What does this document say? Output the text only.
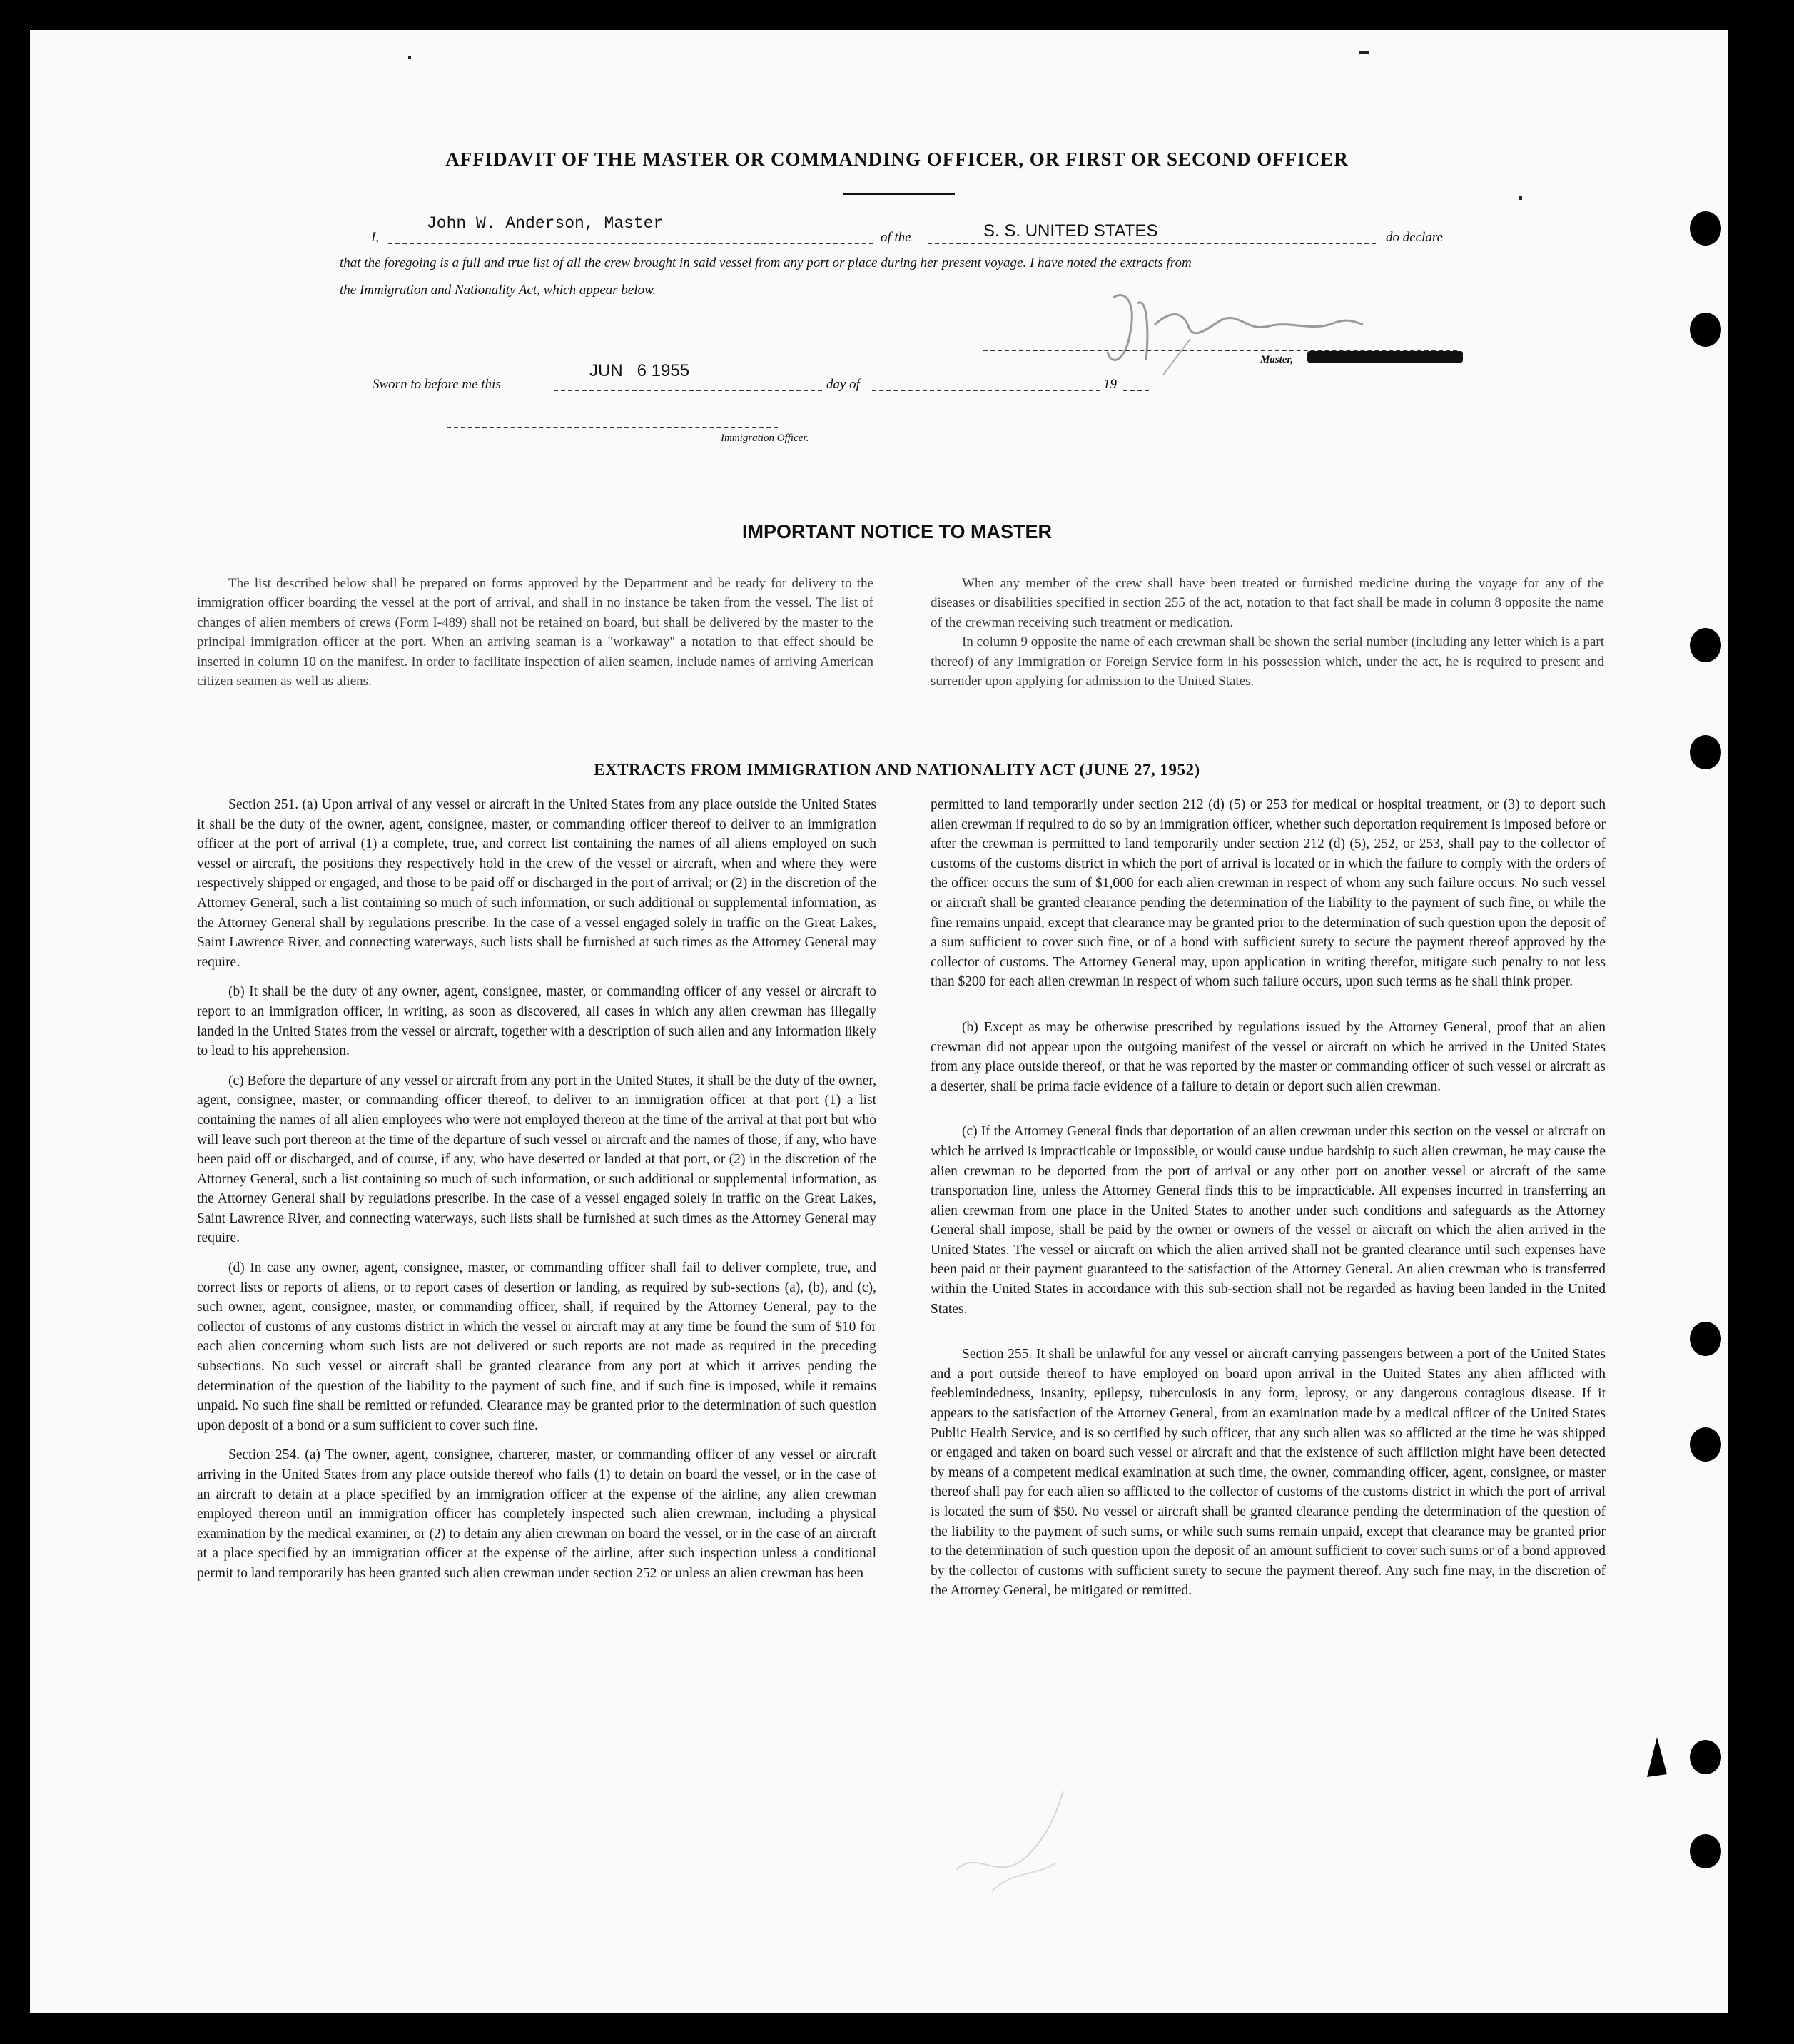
AFFIDAVIT OF THE MASTER OR COMMANDING OFFICER, OR FIRST OR SECOND OFFICER
I,
John W. Anderson, Master
of the	S. S. UNITED STATES	do declare
that the foregoing is a full and true list of all the crew brought in said vessel from any port or place during her present voyage. I have noted the extracts from
the Immigration and Nationality Act, which appear below.
Master,
Sworn to before me this
JUN   6 1955
day of	19
Immigration Officer.
IMPORTANT NOTICE TO MASTER

The list described below shall be prepared on forms approved by the Department and be ready for delivery to the immigration officer boarding the vessel at the port of arrival, and shall in no instance be taken from the vessel. The list of changes of alien members of crews (Form I-489) shall not be retained on board, but shall be delivered by the master to the principal immigration officer at the port. When an arriving seaman is a "workaway" a notation to that effect should be inserted in column 10 on the manifest. In order to facilitate inspection of alien seamen, include names of arriving American citizen seamen as well as aliens.

When any member of the crew shall have been treated or furnished medicine during the voyage for any of the diseases or disabilities specified in section 255 of the act, notation to that fact shall be made in column 8 opposite the name of the crewman receiving such treatment or medication.

In column 9 opposite the name of each crewman shall be shown the serial number (including any letter which is a part thereof) of any Immigration or Foreign Service form in his possession which, under the act, he is required to present and surrender upon applying for admission to the United States.

EXTRACTS FROM IMMIGRATION AND NATIONALITY ACT (JUNE 27, 1952)

Section 251. (a) Upon arrival of any vessel or aircraft in the United States from any place outside the United States it shall be the duty of the owner, agent, consignee, master, or commanding officer thereof to deliver to an immigration officer at the port of arrival (1) a complete, true, and correct list containing the names of all aliens employed on such vessel or aircraft, the positions they respectively hold in the crew of the vessel or aircraft, when and where they were respectively shipped or engaged, and those to be paid off or discharged in the port of arrival; or (2) in the discretion of the Attorney General, such a list containing so much of such information, or such additional or supplemental information, as the Attorney General shall by regulations prescribe. In the case of a vessel engaged solely in traffic on the Great Lakes, Saint Lawrence River, and connecting waterways, such lists shall be furnished at such times as the Attorney General may require.

(b) It shall be the duty of any owner, agent, consignee, master, or commanding officer of any vessel or aircraft to report to an immigration officer, in writing, as soon as discovered, all cases in which any alien crewman has illegally landed in the United States from the vessel or aircraft, together with a description of such alien and any information likely to lead to his apprehension.

(c) Before the departure of any vessel or aircraft from any port in the United States, it shall be the duty of the owner, agent, consignee, master, or commanding officer thereof, to deliver to an immigration officer at that port (1) a list containing the names of all alien employees who were not employed thereon at the time of the arrival at that port but who will leave such port thereon at the time of the departure of such vessel or aircraft and the names of those, if any, who have been paid off or discharged, and of course, if any, who have deserted or landed at that port, or (2) in the discretion of the Attorney General, such a list containing so much of such information, or such additional or supplemental information, as the Attorney General shall by regulations prescribe. In the case of a vessel engaged solely in traffic on the Great Lakes, Saint Lawrence River, and connecting waterways, such lists shall be furnished at such times as the Attorney General may require.

(d) In case any owner, agent, consignee, master, or commanding officer shall fail to deliver complete, true, and correct lists or reports of aliens, or to report cases of desertion or landing, as required by sub-sections (a), (b), and (c), such owner, agent, consignee, master, or commanding officer, shall, if required by the Attorney General, pay to the collector of customs of any customs district in which the vessel or aircraft may at any time be found the sum of $10 for each alien concerning whom such lists are not delivered or such reports are not made as required in the preceding subsections. No such vessel or aircraft shall be granted clearance from any port at which it arrives pending the determination of the question of the liability to the payment of such fine, and if such fine is imposed, while it remains unpaid. No such fine shall be remitted or refunded. Clearance may be granted prior to the determination of such question upon deposit of a bond or a sum sufficient to cover such fine.

Section 254. (a) The owner, agent, consignee, charterer, master, or commanding officer of any vessel or aircraft arriving in the United States from any place outside thereof who fails (1) to detain on board the vessel, or in the case of an aircraft to detain at a place specified by an immigration officer at the expense of the airline, any alien crewman employed thereon until an immigration officer has completely inspected such alien crewman, including a physical examination by the medical examiner, or (2) to detain any alien crewman on board the vessel, or in the case of an aircraft at a place specified by an immigration officer at the expense of the airline, after such inspection unless a conditional permit to land temporarily has been granted such alien crewman under section 252 or unless an alien crewman has been

permitted to land temporarily under section 212 (d) (5) or 253 for medical or hospital treatment, or (3) to deport such alien crewman if required to do so by an immigration officer, whether such deportation requirement is imposed before or after the crewman is permitted to land temporarily under section 212 (d) (5), 252, or 253, shall pay to the collector of customs of the customs district in which the port of arrival is located or in which the failure to comply with the orders of the officer occurs the sum of $1,000 for each alien crewman in respect of whom any such failure occurs. No such vessel or aircraft shall be granted clearance pending the determination of the liability to the payment of such fine, or while the fine remains unpaid, except that clearance may be granted prior to the determination of such question upon the deposit of a sum sufficient to cover such fine, or of a bond with sufficient surety to secure the payment thereof approved by the collector of customs. The Attorney General may, upon application in writing therefor, mitigate such penalty to not less than $200 for each alien crewman in respect of whom such failure occurs, upon such terms as he shall think proper.

(b) Except as may be otherwise prescribed by regulations issued by the Attorney General, proof that an alien crewman did not appear upon the outgoing manifest of the vessel or aircraft on which he arrived in the United States from any place outside thereof, or that he was reported by the master or commanding officer of such vessel or aircraft as a deserter, shall be prima facie evidence of a failure to detain or deport such alien crewman.

(c) If the Attorney General finds that deportation of an alien crewman under this section on the vessel or aircraft on which he arrived is impracticable or impossible, or would cause undue hardship to such alien crewman, he may cause the alien crewman to be deported from the port of arrival or any other port on another vessel or aircraft of the same transportation line, unless the Attorney General finds this to be impracticable. All expenses incurred in transferring an alien crewman from one place in the United States to another under such conditions and safeguards as the Attorney General shall impose, shall be paid by the owner or owners of the vessel or aircraft on which the alien arrived in the United States. The vessel or aircraft on which the alien arrived shall not be granted clearance until such expenses have been paid or their payment guaranteed to the satisfaction of the Attorney General. An alien crewman who is transferred within the United States in accordance with this sub-section shall not be regarded as having been landed in the United States.

Section 255. It shall be unlawful for any vessel or aircraft carrying passengers between a port of the United States and a port outside thereof to have employed on board upon arrival in the United States any alien afflicted with feeblemindedness, insanity, epilepsy, tuberculosis in any form, leprosy, or any dangerous contagious disease. If it appears to the satisfaction of the Attorney General, from an examination made by a medical officer of the United States Public Health Service, and is so certified by such officer, that any such alien was so afflicted at the time he was shipped or engaged and taken on board such vessel or aircraft and that the existence of such affliction might have been detected by means of a competent medical examination at such time, the owner, commanding officer, agent, consignee, or master thereof shall pay for each alien so afflicted to the collector of customs of the customs district in which the port of arrival is located the sum of $50. No vessel or aircraft shall be granted clearance pending the determination of the question of the liability to the payment of such sums, or while such sums remain unpaid, except that clearance may be granted prior to the determination of such question upon the deposit of an amount sufficient to cover such sums or of a bond approved by the collector of customs with sufficient surety to secure the payment thereof. Any such fine may, in the discretion of the Attorney General, be mitigated or remitted.
